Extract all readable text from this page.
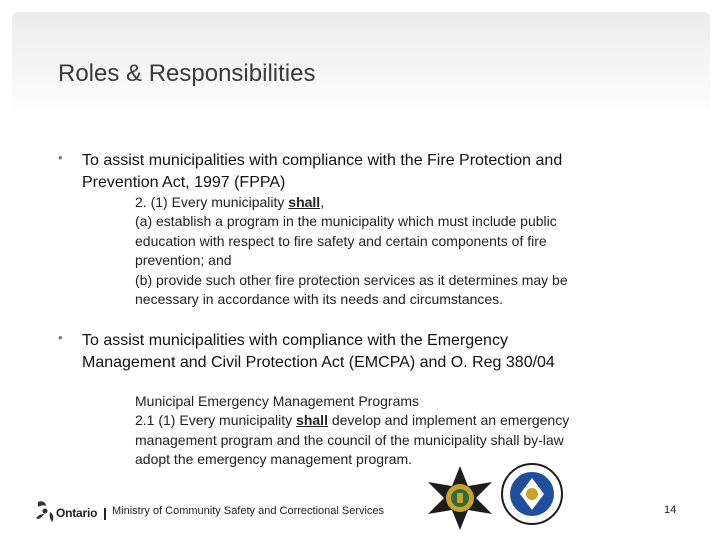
Roles & Responsibilities
• To assist municipalities with compliance with the Fire Protection and
Prevention Act, 1997 (FPPA)
2. (1) Every municipality shall,
(a) establish a program in the municipality which must include public
education with respect to fire safety and certain components of fire
prevention; and
(b) provide such other fire protection services as it determines may be
necessary in accordance with its needs and circumstances.
• To assist municipalities with compliance with the Emergency
Management and Civil Protection Act (EMCPA) and O. Reg 380/04
Municipal Emergency Management Programs
2.1 (1) Every municipality shall develop and implement an emergency
management program and the council of the municipality shall by-law
adopt the emergency management program.
Ontario Ministry of Community Safety and Correctional Services	14
